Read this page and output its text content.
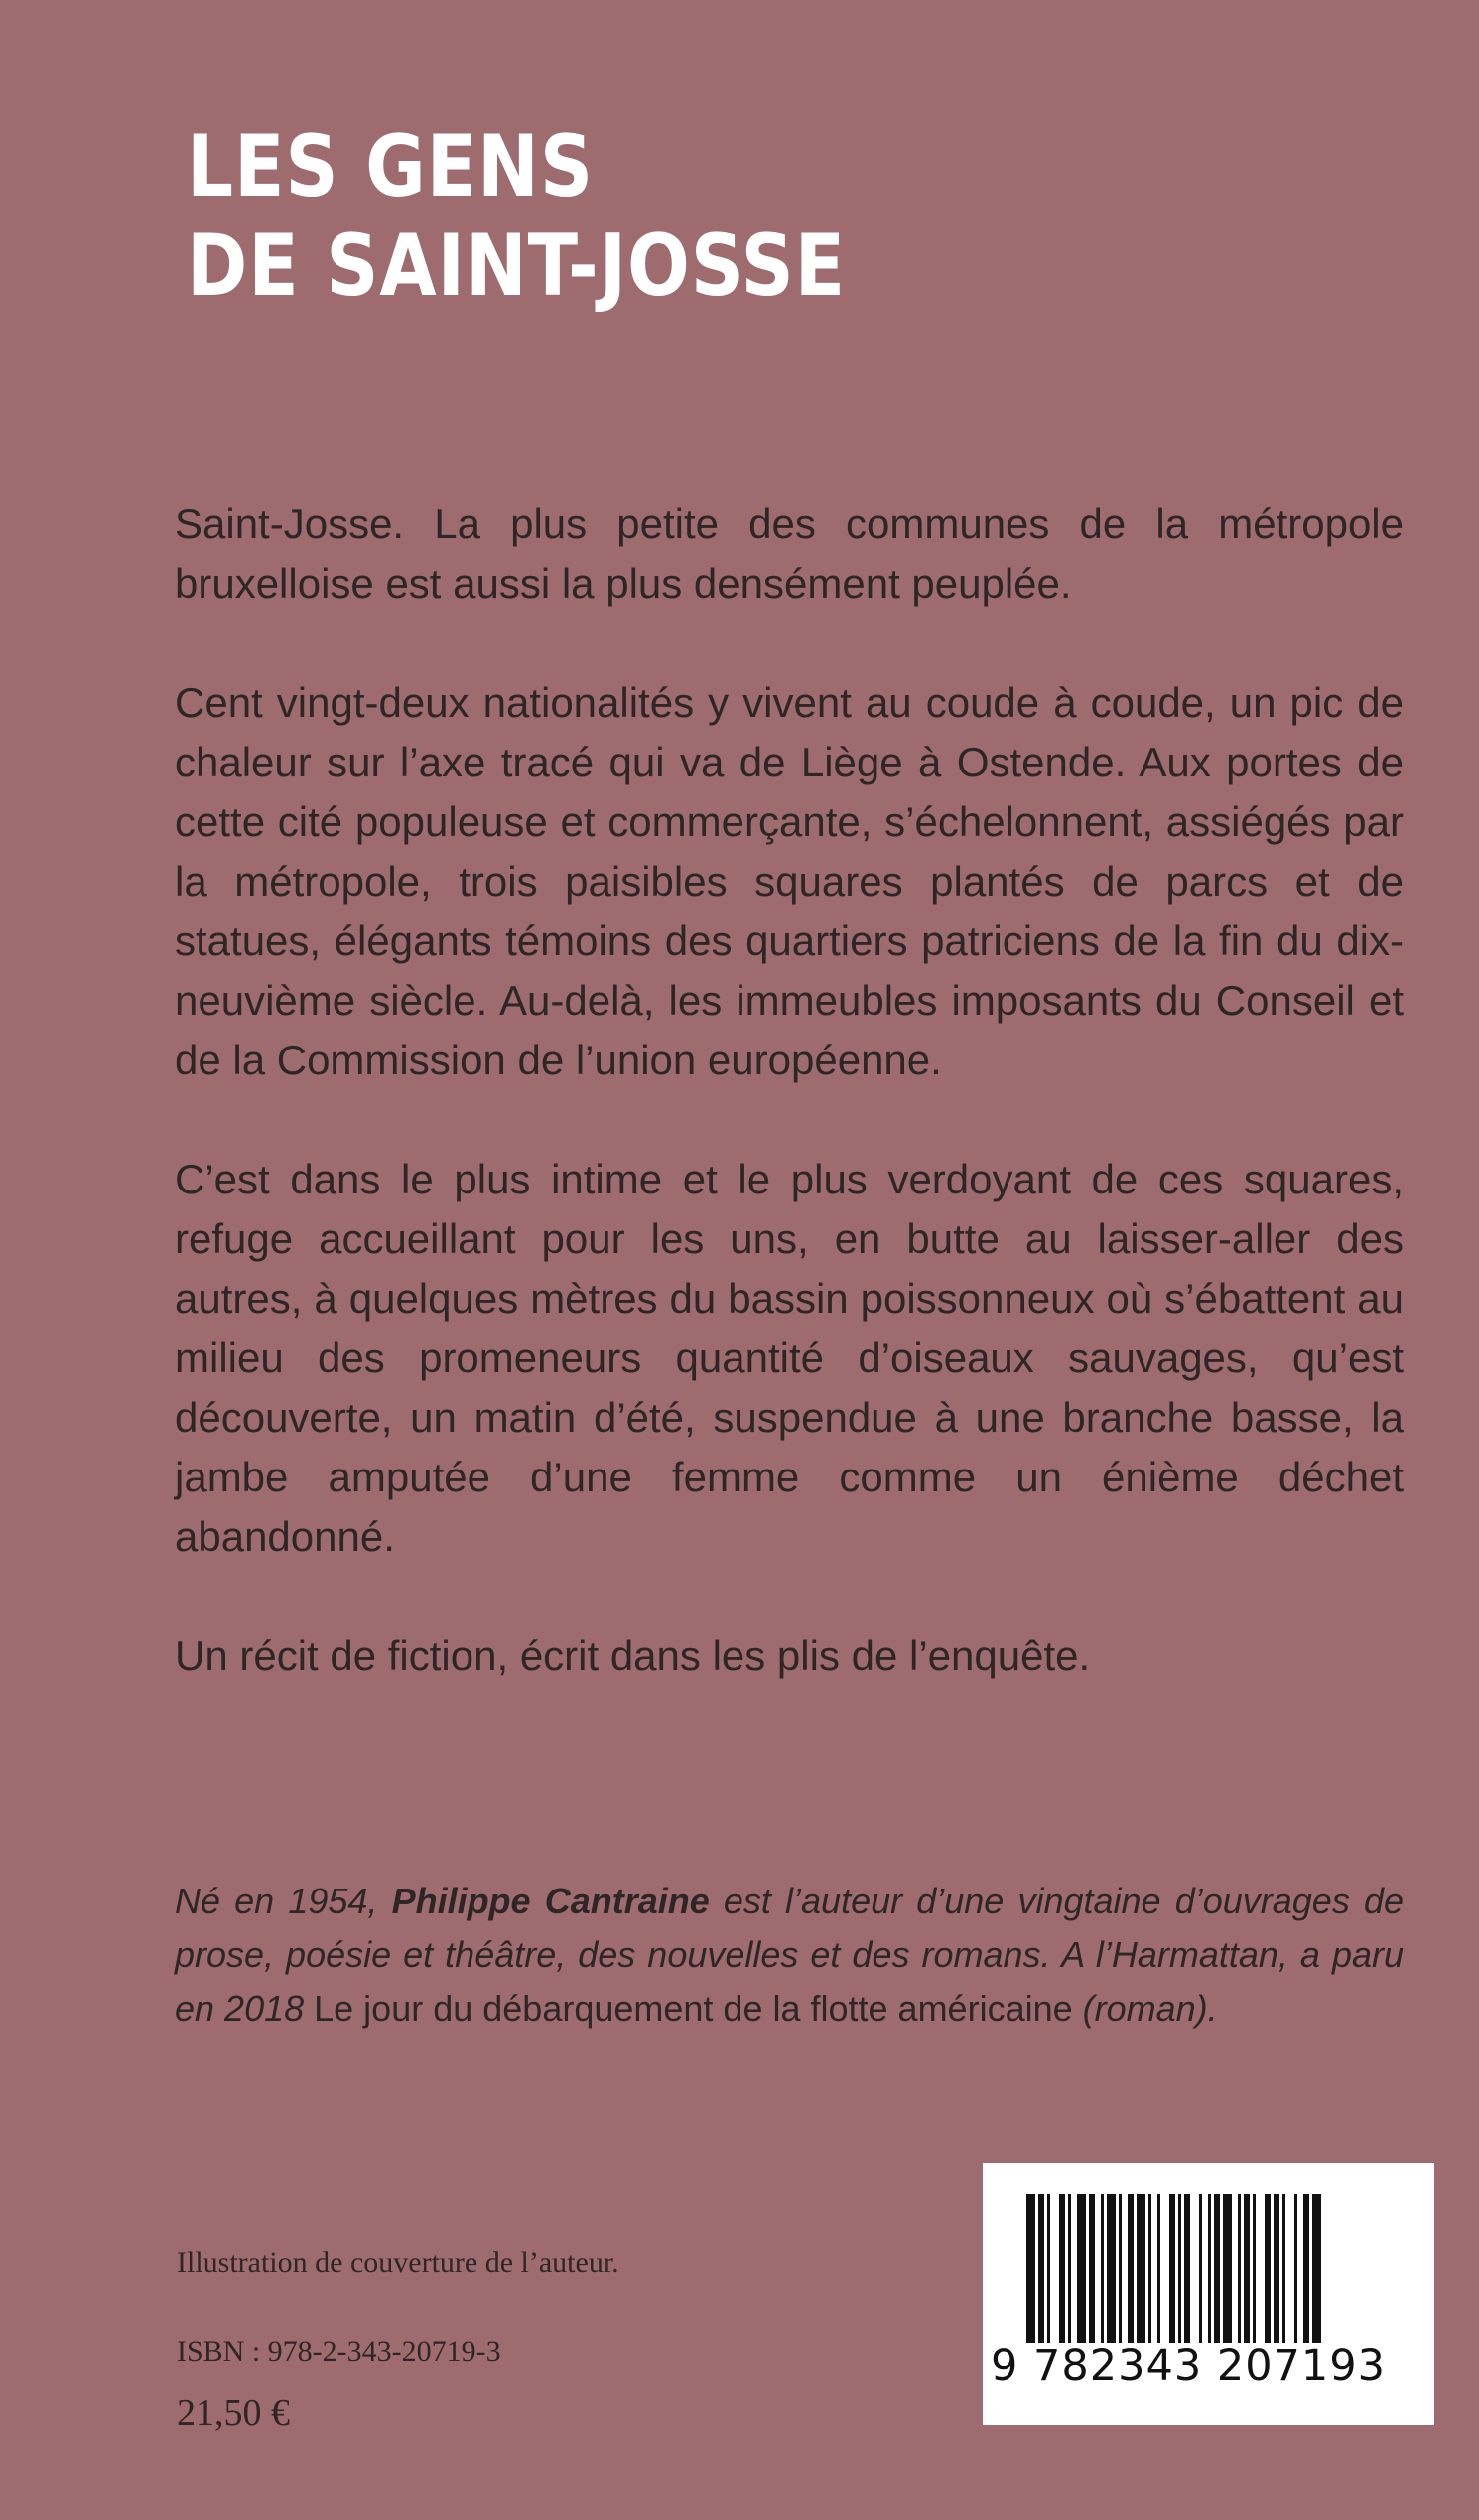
LES GENS
DE SAINT-JOSSE

Saint-Josse. La plus petite des communes de la métropole bruxelloise est aussi la plus densément peuplée.

Cent vingt-deux nationalités y vivent au coude à coude, un pic de chaleur sur l’axe tracé qui va de Liège à Ostende. Aux portes de cette cité populeuse et commerçante, s’échelonnent, assiégés par la métropole, trois paisibles squares plantés de parcs et de statues, élégants témoins des quartiers patriciens de la fin du dix-neuvième siècle. Au-delà, les immeubles imposants du Conseil et de la Commission de l’union européenne.

C’est dans le plus intime et le plus verdoyant de ces squares, refuge accueillant pour les uns, en butte au laisser-aller des autres, à quelques mètres du bassin poissonneux où s’ébattent au milieu des promeneurs quantité d’oiseaux sauvages, qu’est découverte, un matin d’été, suspendue à une branche basse, la jambe amputée d’une femme comme un énième déchet abandonné.

Un récit de fiction, écrit dans les plis de l’enquête.

Né en 1954, Philippe Cantraine est l’auteur d’une vingtaine d’ouvrages de prose, poésie et théâtre, des nouvelles et des romans. A l’Harmattan, a paru en 2018 Le jour du débarquement de la flotte américaine (roman).

Illustration de couverture de l’auteur.
ISBN : 978-2-343-20719-3
21,50 €
9 782343 207193
